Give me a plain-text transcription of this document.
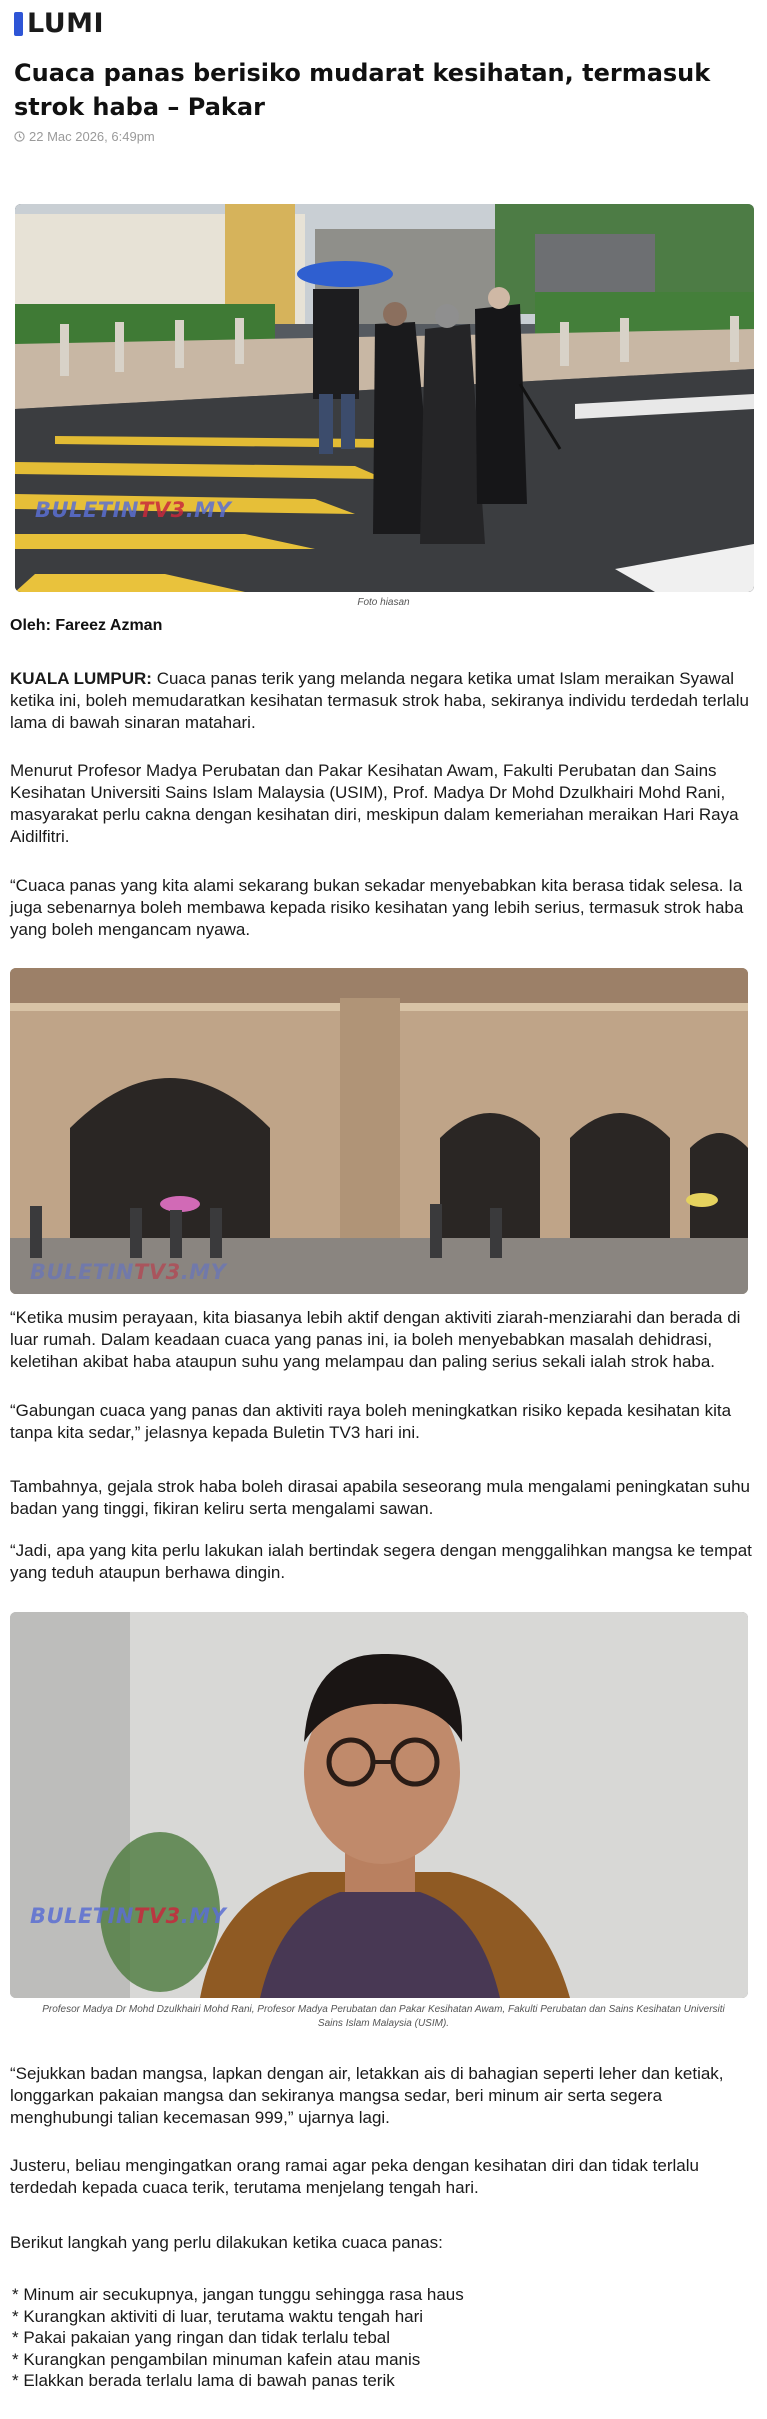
LUMI
Cuaca panas berisiko mudarat kesihatan, termasuk strok haba – Pakar
22 Mac 2026, 6:49pm
BULETINTV3.MY

Foto hiasan

Oleh: Fareez Azman

KUALA LUMPUR: Cuaca panas terik yang melanda negara ketika umat Islam meraikan Syawal ketika ini, boleh memudaratkan kesihatan termasuk strok haba, sekiranya individu terdedah terlalu lama di bawah sinaran matahari.

Menurut Profesor Madya Perubatan dan Pakar Kesihatan Awam, Fakulti Perubatan dan Sains Kesihatan Universiti Sains Islam Malaysia (USIM), Prof. Madya Dr Mohd Dzulkhairi Mohd Rani, masyarakat perlu cakna dengan kesihatan diri, meskipun dalam kemeriahan meraikan Hari Raya Aidilfitri.

“Cuaca panas yang kita alami sekarang bukan sekadar menyebabkan kita berasa tidak selesa. Ia juga sebenarnya boleh membawa kepada risiko kesihatan yang lebih serius, termasuk strok haba yang boleh mengancam nyawa.

BULETINTV3.MY

“Ketika musim perayaan, kita biasanya lebih aktif dengan aktiviti ziarah-menziarahi dan berada di luar rumah. Dalam keadaan cuaca yang panas ini, ia boleh menyebabkan masalah dehidrasi, keletihan akibat haba ataupun suhu yang melampau dan paling serius sekali ialah strok haba.

“Gabungan cuaca yang panas dan aktiviti raya boleh meningkatkan risiko kepada kesihatan kita tanpa kita sedar,” jelasnya kepada Buletin TV3 hari ini.

Tambahnya, gejala strok haba boleh dirasai apabila seseorang mula mengalami peningkatan suhu badan yang tinggi, fikiran keliru serta mengalami sawan.

“Jadi, apa yang kita perlu lakukan ialah bertindak segera dengan menggalihkan mangsa ke tempat yang teduh ataupun berhawa dingin.

BULETINTV3.MY

Profesor Madya Dr Mohd Dzulkhairi Mohd Rani, Profesor Madya Perubatan dan Pakar Kesihatan Awam, Fakulti Perubatan dan Sains Kesihatan Universiti Sains Islam Malaysia (USIM).

“Sejukkan badan mangsa, lapkan dengan air, letakkan ais di bahagian seperti leher dan ketiak, longgarkan pakaian mangsa dan sekiranya mangsa sedar, beri minum air serta segera menghubungi talian kecemasan 999,” ujarnya lagi.

Justeru, beliau mengingatkan orang ramai agar peka dengan kesihatan diri dan tidak terlalu terdedah kepada cuaca terik, terutama menjelang tengah hari.

Berikut langkah yang perlu dilakukan ketika cuaca panas:

* Minum air secukupnya, jangan tunggu sehingga rasa haus
* Kurangkan aktiviti di luar, terutama waktu tengah hari
* Pakai pakaian yang ringan dan tidak terlalu tebal
* Kurangkan pengambilan minuman kafein atau manis
* Elakkan berada terlalu lama di bawah panas terik
